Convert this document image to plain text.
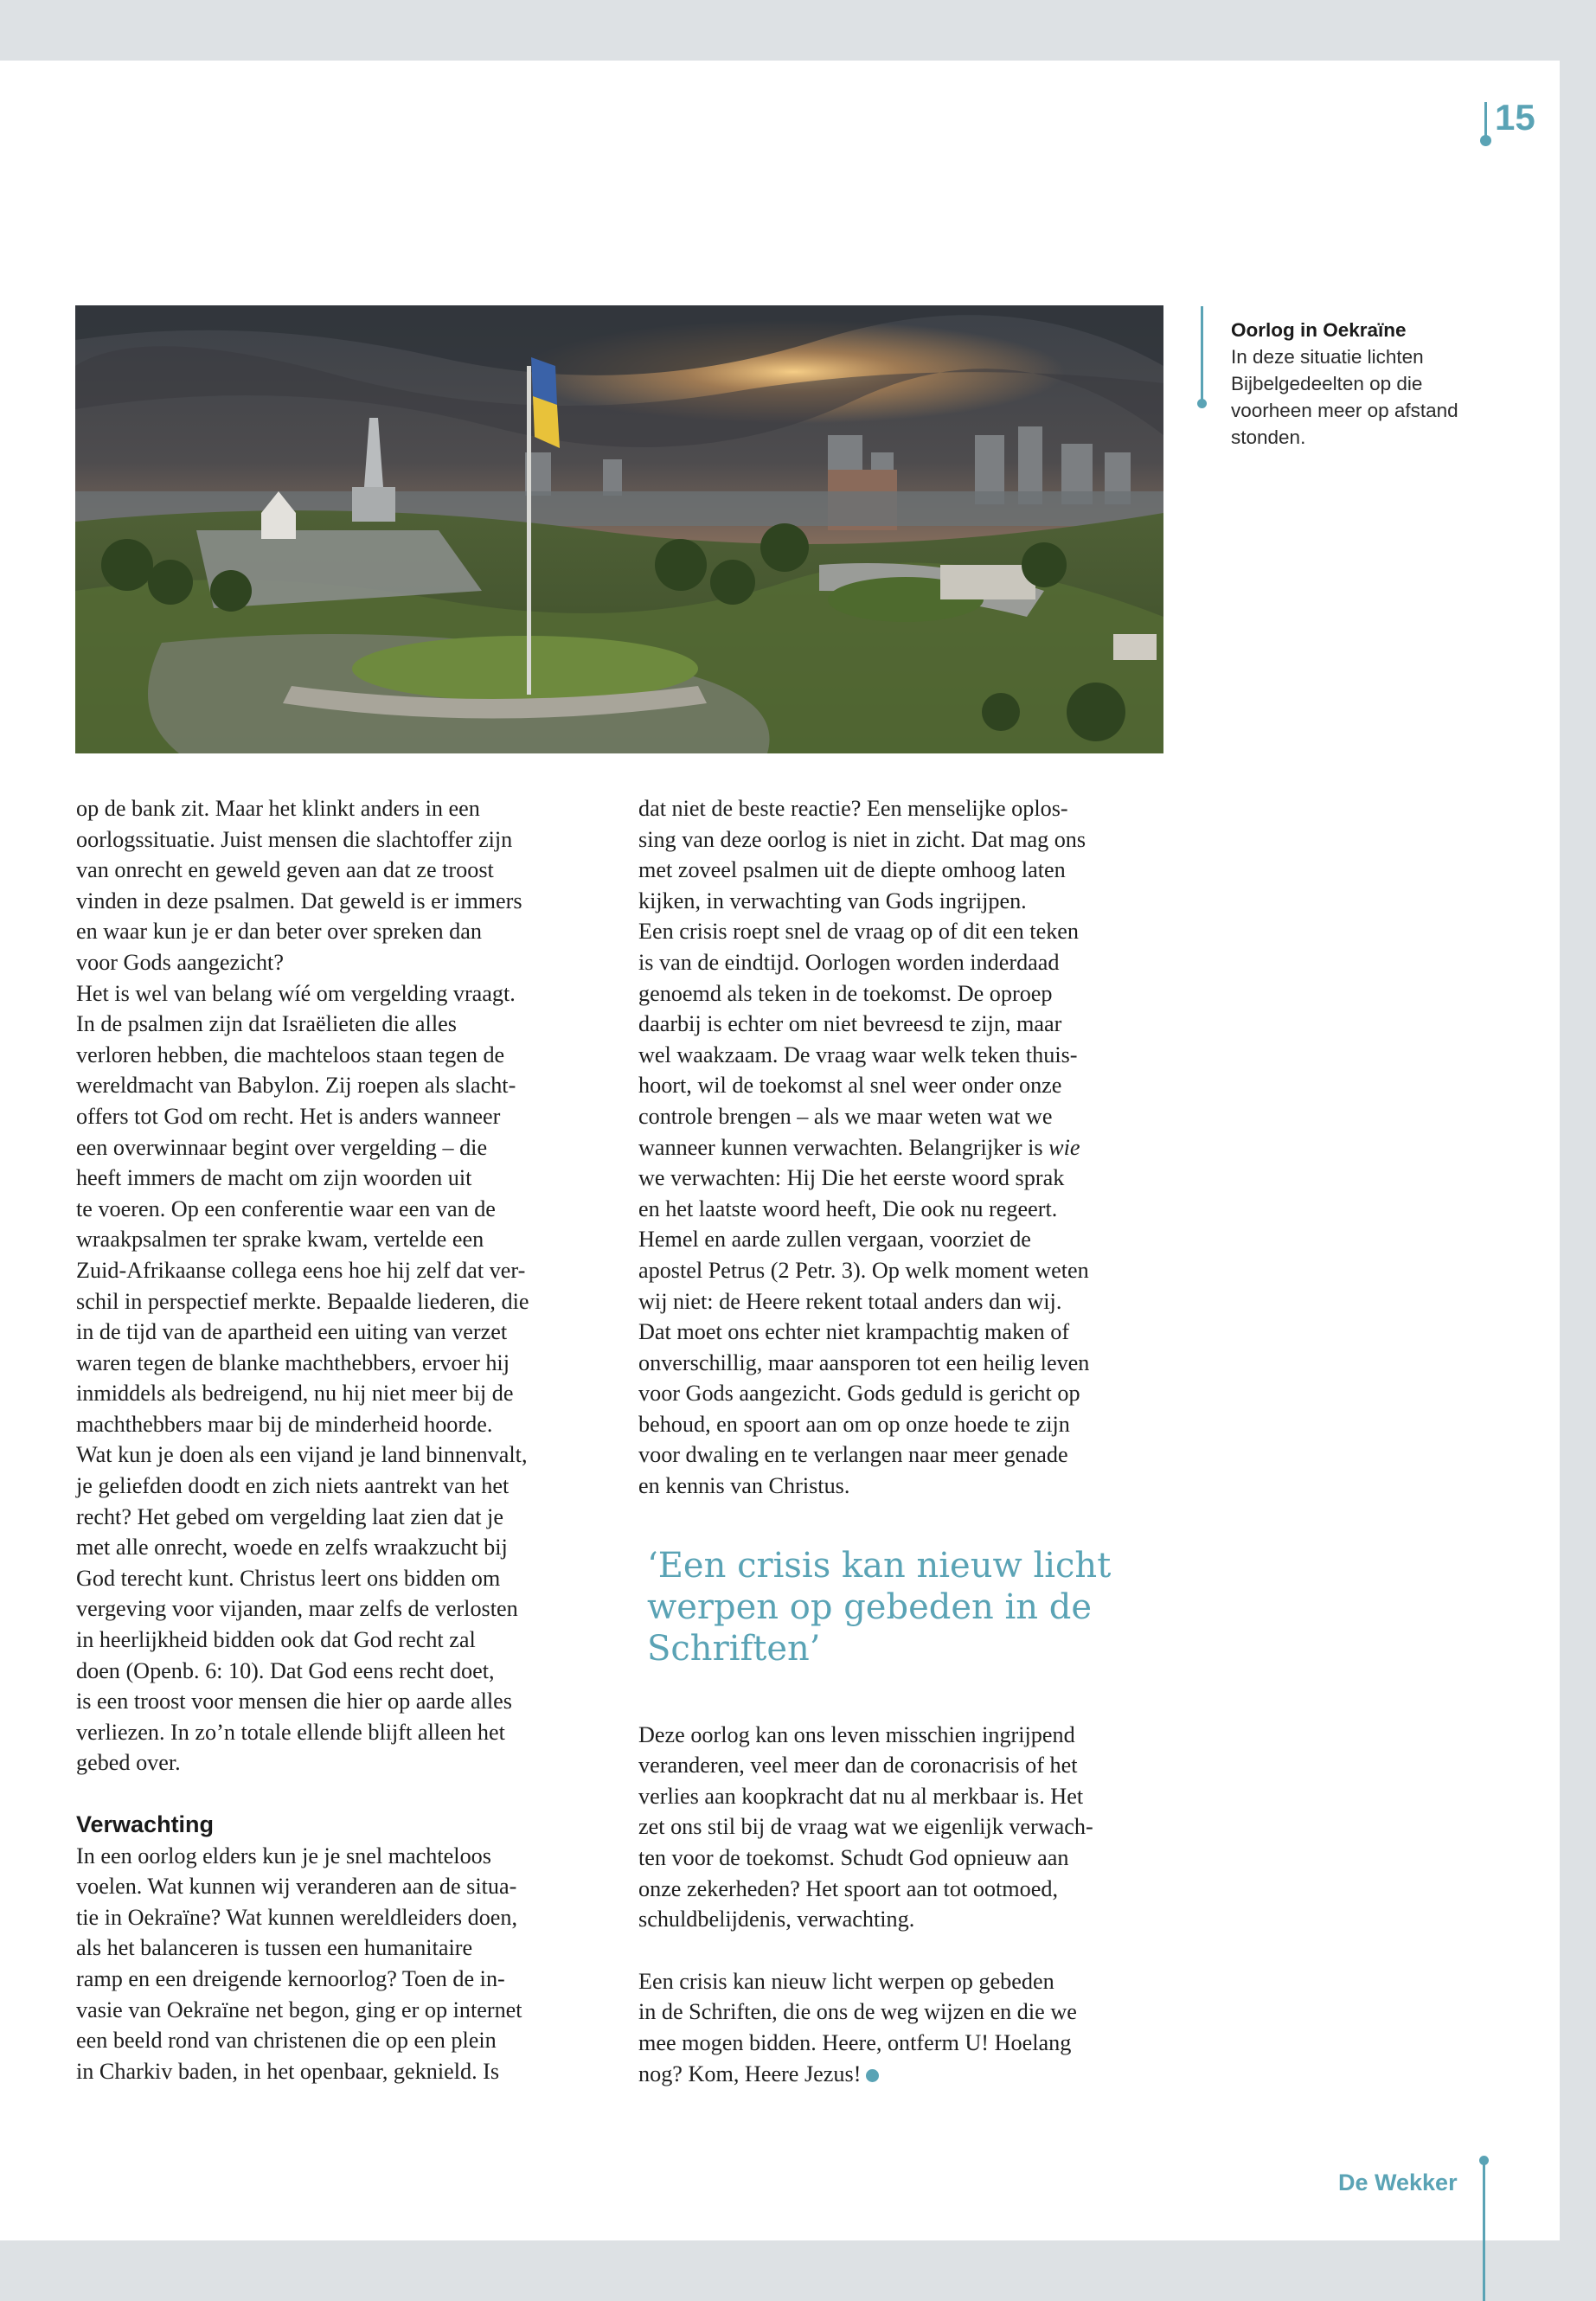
15
Oorlog in Oekraïne
In deze situatie lichten
Bijbelgedeelten op die
voorheen meer op afstand
stonden.

op de bank zit. Maar het klinkt anders in een
oorlogssituatie. Juist mensen die slachtoffer zijn
van onrecht en geweld geven aan dat ze troost
vinden in deze psalmen. Dat geweld is er immers
en waar kun je er dan beter over spreken dan
voor Gods aangezicht?

Het is wel van belang wíé om vergelding vraagt.
In de psalmen zijn dat Israëlieten die alles
verloren hebben, die machteloos staan tegen de
wereldmacht van Babylon. Zij roepen als slacht-
offers tot God om recht. Het is anders wanneer
een overwinnaar begint over vergelding – die
heeft immers de macht om zijn woorden uit
te voeren. Op een conferentie waar een van de
wraakpsalmen ter sprake kwam, vertelde een
Zuid-Afrikaanse collega eens hoe hij zelf dat ver-
schil in perspectief merkte. Bepaalde liederen, die
in de tijd van de apartheid een uiting van verzet
waren tegen de blanke machthebbers, ervoer hij
inmiddels als bedreigend, nu hij niet meer bij de
machthebbers maar bij de minderheid hoorde.
Wat kun je doen als een vijand je land binnenvalt,
je geliefden doodt en zich niets aantrekt van het
recht? Het gebed om vergelding laat zien dat je
met alle onrecht, woede en zelfs wraakzucht bij
God terecht kunt. Christus leert ons bidden om
vergeving voor vijanden, maar zelfs de verlosten
in heerlijkheid bidden ook dat God recht zal
doen (Openb. 6: 10). Dat God eens recht doet,
is een troost voor mensen die hier op aarde alles
verliezen. In zo’n totale ellende blijft alleen het
gebed over.

Verwachting

In een oorlog elders kun je je snel machteloos
voelen. Wat kunnen wij veranderen aan de situa-
tie in Oekraïne? Wat kunnen wereldleiders doen,
als het balanceren is tussen een humanitaire
ramp en een dreigende kernoorlog? Toen de in-
vasie van Oekraïne net begon, ging er op internet
een beeld rond van christenen die op een plein
in Charkiv baden, in het openbaar, geknield. Is

dat niet de beste reactie? Een menselijke oplos-
sing van deze oorlog is niet in zicht. Dat mag ons
met zoveel psalmen uit de diepte omhoog laten
kijken, in verwachting van Gods ingrijpen.

Een crisis roept snel de vraag op of dit een teken
is van de eindtijd. Oorlogen worden inderdaad
genoemd als teken in de toekomst. De oproep
daarbij is echter om niet bevreesd te zijn, maar
wel waakzaam. De vraag waar welk teken thuis-
hoort, wil de toekomst al snel weer onder onze
controle brengen – als we maar weten wat we
wanneer kunnen verwachten. Belangrijker is wie
we verwachten: Hij Die het eerste woord sprak
en het laatste woord heeft, Die ook nu regeert.
Hemel en aarde zullen vergaan, voorziet de
apostel Petrus (2 Petr. 3). Op welk moment weten
wij niet: de Heere rekent totaal anders dan wij.
Dat moet ons echter niet krampachtig maken of
onverschillig, maar aansporen tot een heilig leven
voor Gods aangezicht. Gods geduld is gericht op
behoud, en spoort aan om op onze hoede te zijn
voor dwaling en te verlangen naar meer genade
en kennis van Christus.

‘Een crisis kan nieuw licht
werpen op gebeden in de
Schriften’

Deze oorlog kan ons leven misschien ingrijpend
veranderen, veel meer dan de coronacrisis of het
verlies aan koopkracht dat nu al merkbaar is. Het
zet ons stil bij de vraag wat we eigenlijk verwach-
ten voor de toekomst. Schudt God opnieuw aan
onze zekerheden? Het spoort aan tot ootmoed,
schuldbelijdenis, verwachting.

Een crisis kan nieuw licht werpen op gebeden
in de Schriften, die ons de weg wijzen en die we
mee mogen bidden. Heere, ontferm U! Hoelang
nog? Kom, Heere Jezus!

De Wekker
